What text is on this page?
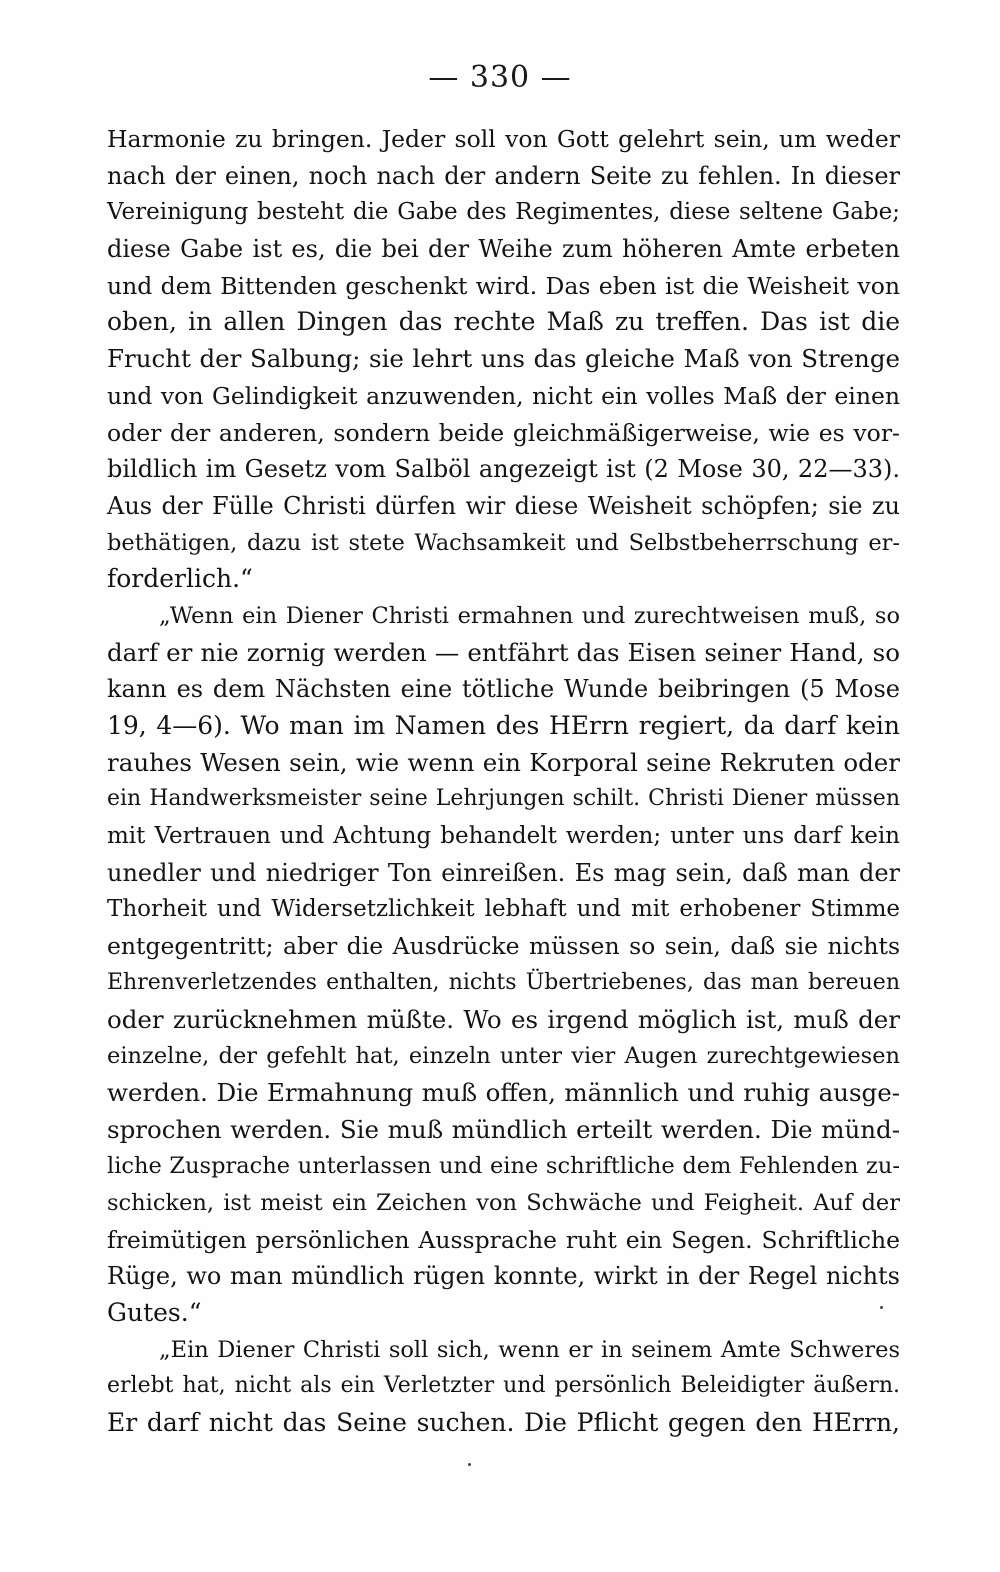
— 330 —
Harmonie zu bringen. Jeder soll von Gott gelehrt sein, um weder
nach der einen, noch nach der andern Seite zu fehlen. In dieser
Vereinigung besteht die Gabe des Regimentes, diese seltene Gabe;
diese Gabe ist es, die bei der Weihe zum höheren Amte erbeten
und dem Bittenden geschenkt wird. Das eben ist die Weisheit von
oben, in allen Dingen das rechte Maß zu treffen. Das ist die
Frucht der Salbung; sie lehrt uns das gleiche Maß von Strenge
und von Gelindigkeit anzuwenden, nicht ein volles Maß der einen
oder der anderen, sondern beide gleichmäßigerweise, wie es vor-
bildlich im Gesetz vom Salböl angezeigt ist (2 Mose 30, 22—33).
Aus der Fülle Christi dürfen wir diese Weisheit schöpfen; sie zu
bethätigen, dazu ist stete Wachsamkeit und Selbstbeherrschung er-
forderlich.“
„Wenn ein Diener Christi ermahnen und zurechtweisen muß, so
darf er nie zornig werden — entfährt das Eisen seiner Hand, so
kann es dem Nächsten eine tötliche Wunde beibringen (5 Mose
19, 4—6). Wo man im Namen des HErrn regiert, da darf kein
rauhes Wesen sein, wie wenn ein Korporal seine Rekruten oder
ein Handwerksmeister seine Lehrjungen schilt. Christi Diener müssen
mit Vertrauen und Achtung behandelt werden; unter uns darf kein
unedler und niedriger Ton einreißen. Es mag sein, daß man der
Thorheit und Widersetzlichkeit lebhaft und mit erhobener Stimme
entgegentritt; aber die Ausdrücke müssen so sein, daß sie nichts
Ehrenverletzendes enthalten, nichts Übertriebenes, das man bereuen
oder zurücknehmen müßte. Wo es irgend möglich ist, muß der
einzelne, der gefehlt hat, einzeln unter vier Augen zurechtgewiesen
werden. Die Ermahnung muß offen, männlich und ruhig ausge-
sprochen werden. Sie muß mündlich erteilt werden. Die münd-
liche Zusprache unterlassen und eine schriftliche dem Fehlenden zu-
schicken, ist meist ein Zeichen von Schwäche und Feigheit. Auf der
freimütigen persönlichen Aussprache ruht ein Segen. Schriftliche
Rüge, wo man mündlich rügen konnte, wirkt in der Regel nichts
Gutes.“
„Ein Diener Christi soll sich, wenn er in seinem Amte Schweres
erlebt hat, nicht als ein Verletzter und persönlich Beleidigter äußern.
Er darf nicht das Seine suchen. Die Pflicht gegen den HErrn,
